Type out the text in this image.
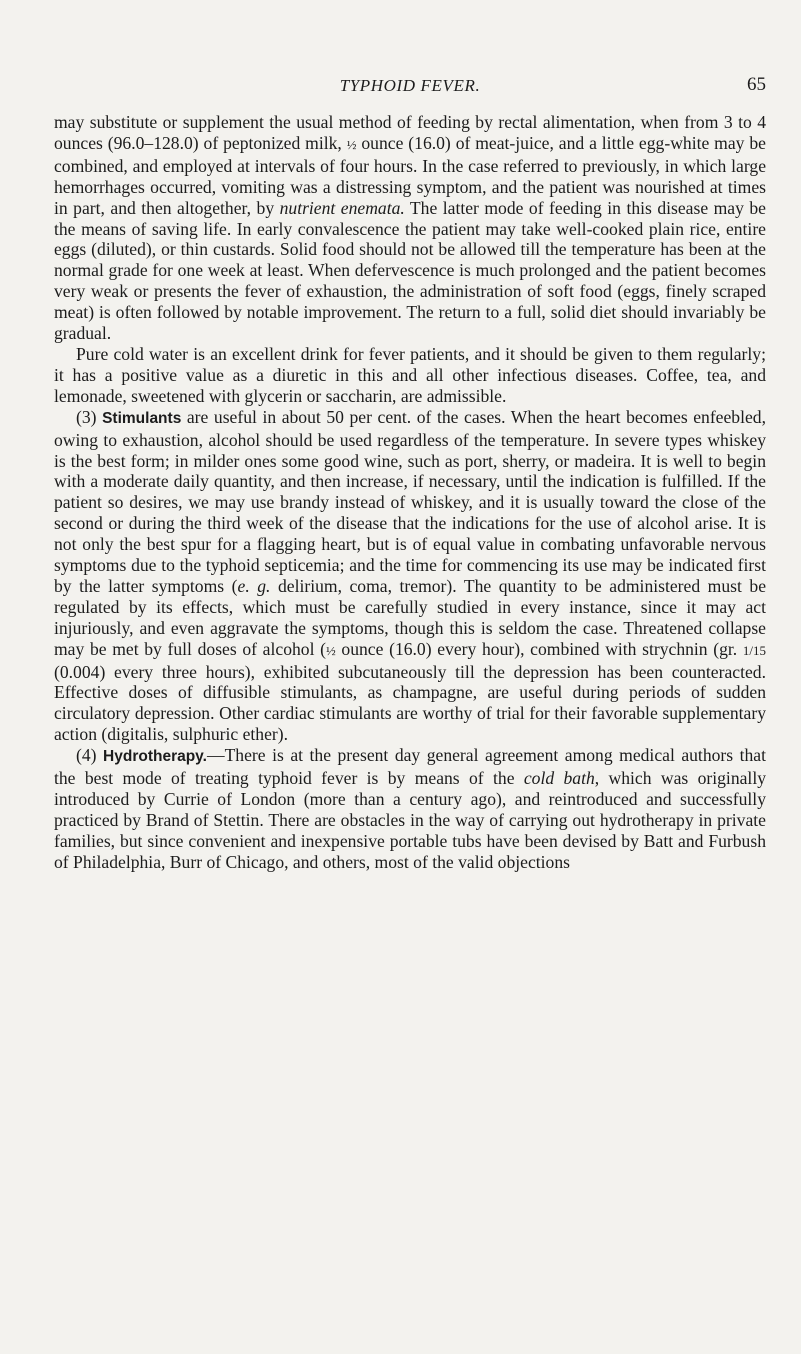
TYPHOID FEVER.	65

may substitute or supplement the usual method of feeding by rectal alimentation, when from 3 to 4 ounces (96.0–128.0) of peptonized milk, ½ ounce (16.0) of meat-juice, and a little egg-white may be combined, and employed at intervals of four hours. In the case referred to previously, in which large hemorrhages occurred, vomiting was a distressing symptom, and the patient was nourished at times in part, and then altogether, by nutrient enemata. The latter mode of feeding in this disease may be the means of saving life. In early convalescence the patient may take well-cooked plain rice, entire eggs (diluted), or thin custards. Solid food should not be allowed till the temperature has been at the normal grade for one week at least. When defervescence is much prolonged and the patient becomes very weak or presents the fever of exhaustion, the administration of soft food (eggs, finely scraped meat) is often followed by notable improvement. The return to a full, solid diet should invariably be gradual.

Pure cold water is an excellent drink for fever patients, and it should be given to them regularly; it has a positive value as a diuretic in this and all other infectious diseases. Coffee, tea, and lemonade, sweetened with glycerin or saccharin, are admissible.

(3) Stimulants are useful in about 50 per cent. of the cases. When the heart becomes enfeebled, owing to exhaustion, alcohol should be used regardless of the temperature. In severe types whiskey is the best form; in milder ones some good wine, such as port, sherry, or madeira. It is well to begin with a moderate daily quantity, and then increase, if necessary, until the indication is fulfilled. If the patient so desires, we may use brandy instead of whiskey, and it is usually toward the close of the second or during the third week of the disease that the indications for the use of alcohol arise. It is not only the best spur for a flagging heart, but is of equal value in combating unfavorable nervous symptoms due to the typhoid septicemia; and the time for commencing its use may be indicated first by the latter symptoms (e. g. delirium, coma, tremor). The quantity to be administered must be regulated by its effects, which must be carefully studied in every instance, since it may act injuriously, and even aggravate the symptoms, though this is seldom the case. Threatened collapse may be met by full doses of alcohol (½ ounce (16.0) every hour), combined with strychnin (gr. 1/15 (0.004) every three hours), exhibited subcutaneously till the depression has been counteracted. Effective doses of diffusible stimulants, as champagne, are useful during periods of sudden circulatory depression. Other cardiac stimulants are worthy of trial for their favorable supplementary action (digitalis, sulphuric ether).

(4) Hydrotherapy.—There is at the present day general agreement among medical authors that the best mode of treating typhoid fever is by means of the cold bath, which was originally introduced by Currie of London (more than a century ago), and reintroduced and successfully practiced by Brand of Stettin. There are obstacles in the way of carrying out hydrotherapy in private families, but since convenient and inexpensive portable tubs have been devised by Batt and Furbush of Philadelphia, Burr of Chicago, and others, most of the valid objections
